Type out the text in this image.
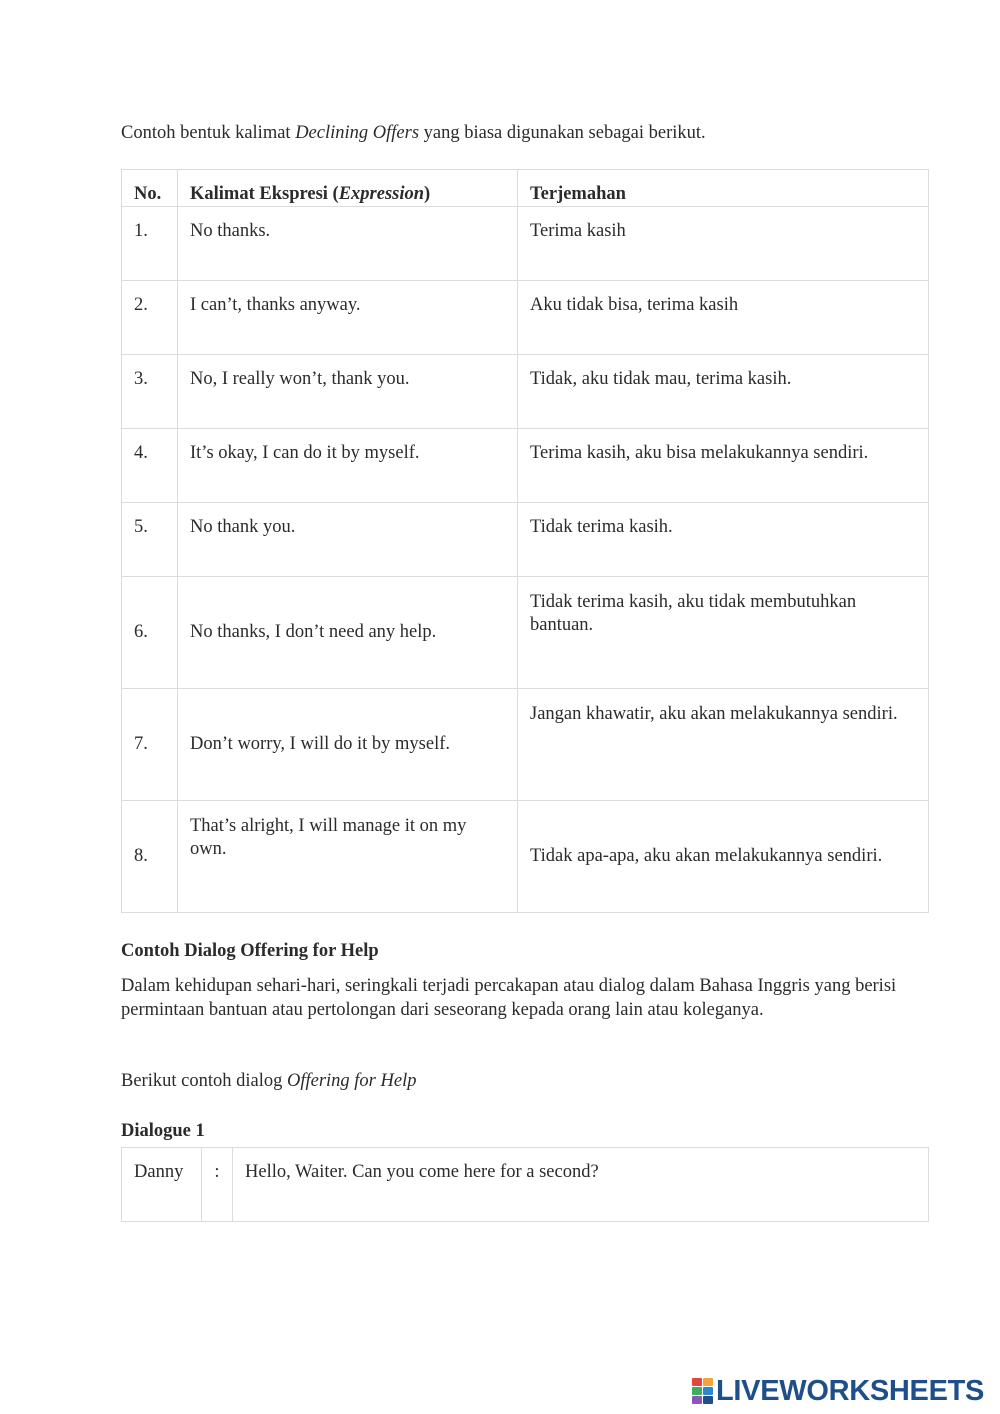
Contoh bentuk kalimat Declining Offers yang biasa digunakan sebagai berikut.
No.	Kalimat Ekspresi (Expression)	Terjemahan
1.	No thanks.	Terima kasih
2.	I can’t, thanks anyway.	Aku tidak bisa, terima kasih
3.	No, I really won’t, thank you.	Tidak, aku tidak mau, terima kasih.
4.	It’s okay, I can do it by myself.	Terima kasih, aku bisa melakukannya sendiri.
5.	No thank you.	Tidak terima kasih.
6.	No thanks, I don’t need any help.	Tidak terima kasih, aku tidak membutuhkan bantuan.
7.	Don’t worry, I will do it by myself.	Jangan khawatir, aku akan melakukannya sendiri.
8.	That’s alright, I will manage it on my own.	Tidak apa-apa, aku akan melakukannya sendiri.
Contoh Dialog Offering for Help
Dalam kehidupan sehari-hari, seringkali terjadi percakapan atau dialog dalam Bahasa Inggris yang berisi permintaan bantuan atau pertolongan dari seseorang kepada orang lain atau koleganya.
Berikut contoh dialog Offering for Help
Dialogue 1
Danny	:	Hello, Waiter. Can you come here for a second?
LIVEWORKSHEETS
